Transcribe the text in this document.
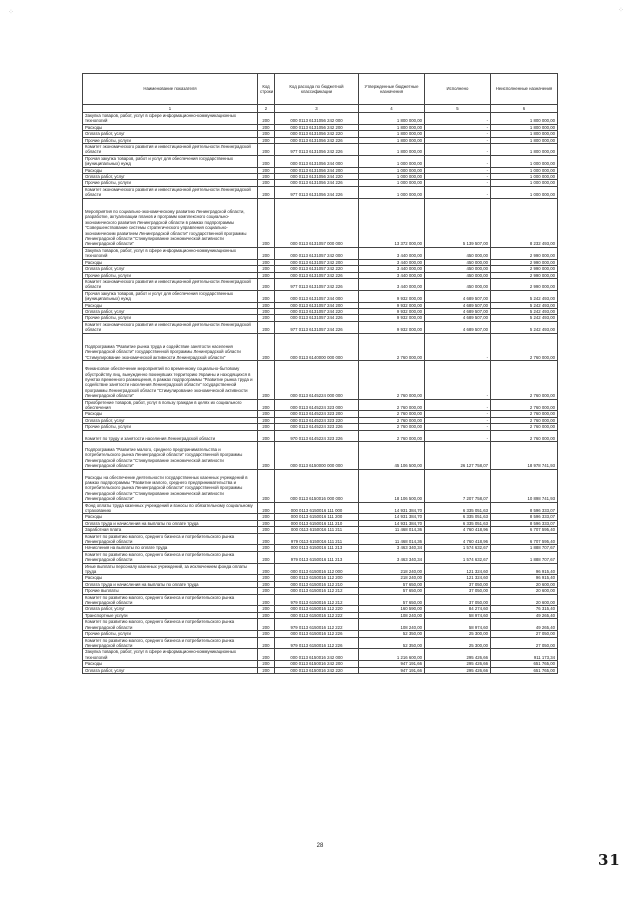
Наименование показателя	Код строки	Код расхода по бюджетной классификации	Утвержденные бюджетные назначения	Исполнено	Неисполненные назначения
1	2	3	4	5	6
Закупка товаров, работ, услуг в сфере информационно-коммуникационных технологий	200	000 0113 6131056 242 000	1 800 000,00	-	1 800 000,00
Расходы	200	000 0113 6131056 242 200	1 800 000,00	-	1 800 000,00
Оплата работ, услуг	200	000 0113 6131056 242 220	1 800 000,00	-	1 800 000,00
Прочие работы, услуги	200	000 0113 6131056 242 226	1 800 000,00	-	1 800 000,00
Комитет экономического развития и инвестиционной деятельности Ленинградской области	200	977 0113 6131056 242 226	1 800 000,00	-	1 800 000,00
Прочая закупка товаров, работ и услуг для обеспечения государственных (муниципальных) нужд	200	000 0113 6131056 244 000	1 000 000,00	-	1 000 000,00
Расходы	200	000 0113 6131056 244 200	1 000 000,00	-	1 000 000,00
Оплата работ, услуг	200	000 0113 6131056 244 220	1 000 000,00	-	1 000 000,00
Прочие работы, услуги	200	000 0113 6131056 244 226	1 000 000,00	-	1 000 000,00
Комитет экономического развития и инвестиционной деятельности Ленинградской области	200	977 0113 6131056 244 226	1 000 000,00	-	1 000 000,00
Мероприятия по социально-экономическому развитию Ленинградской области, разработке, актуализации планов и программ комплексного социально-экономического развития Ленинградской области в рамках подпрограммы "Совершенствование системы стратегического управления социально-экономическим развитием Ленинградской области" государственной программы Ленинградской области "Стимулирование экономической активности Ленинградской области"	200	000 0113 6131057 000 000	13 372 000,00	5 139 507,00	8 232 493,00
Закупка товаров, работ, услуг в сфере информационно-коммуникационных технологий	200	000 0113 6131057 242 000	3 440 000,00	450 000,00	2 990 000,00
Расходы	200	000 0113 6131057 242 200	3 440 000,00	450 000,00	2 990 000,00
Оплата работ, услуг	200	000 0113 6131057 242 220	3 440 000,00	450 000,00	2 990 000,00
Прочие работы, услуги	200	000 0113 6131057 242 226	3 440 000,00	450 000,00	2 990 000,00
Комитет экономического развития и инвестиционной деятельности Ленинградской области	200	977 0113 6131057 242 226	3 440 000,00	450 000,00	2 990 000,00
Прочая закупка товаров, работ и услуг для обеспечения государственных (муниципальных) нужд	200	000 0113 6131057 244 000	9 932 000,00	4 689 507,00	5 242 493,00
Расходы	200	000 0113 6131057 244 200	9 932 000,00	4 689 507,00	5 242 493,00
Оплата работ, услуг	200	000 0113 6131057 244 220	9 932 000,00	4 689 507,00	5 242 493,00
Прочие работы, услуги	200	000 0113 6131057 244 226	9 932 000,00	4 689 507,00	5 242 493,00
Комитет экономического развития и инвестиционной деятельности Ленинградской области	200	977 0113 6131057 244 226	9 932 000,00	4 689 507,00	5 242 493,00
Подпрограмма "Развитие рынка труда и содействие занятости населения Ленинградской области" государственной программы Ленинградской области "Стимулирование экономической активности Ленинградской области"	200	000 0113 6140000 000 000	2 760 000,00	-	2 760 000,00
Финансовое обеспечение мероприятий по временному социально-бытовому обустройству лиц, вынужденно покинувших территорию Украины и находящихся в пунктах временного размещения, в рамках подпрограммы "Развитие рынка труда и содействие занятости населения Ленинградской области" государственной программы Ленинградской области "Стимулирование экономической активности Ленинградской области"	200	000 0113 6145224 000 000	2 760 000,00	-	2 760 000,00
Приобретение товаров, работ, услуг в пользу граждан в целях их социального обеспечения	200	000 0113 6145224 323 000	2 760 000,00	-	2 760 000,00
Расходы	200	000 0113 6145224 323 200	2 760 000,00	-	2 760 000,00
Оплата работ, услуг	200	000 0113 6145224 323 220	2 760 000,00	-	2 760 000,00
Прочие работы, услуги	200	000 0113 6145224 323 226	2 760 000,00	-	2 760 000,00
Комитет по труду и занятости населения Ленинградской области	200	970 0113 6145224 323 226	2 760 000,00	-	2 760 000,00
Подпрограмма "Развитие малого, среднего предпринимательства и потребительского рынка Ленинградской области" государственной программы Ленинградской области "Стимулирование экономической активности Ленинградской области"	200	000 0113 6150000 000 000	45 106 500,00	26 127 758,07	18 978 741,93
Расходы на обеспечение деятельности государственных казенных учреждений в рамках подпрограммы "Развитие малого, среднего предпринимательства и потребительского рынка Ленинградской области" государственной программы Ленинградской области "Стимулирование экономической активности Ленинградской области"	200	000 0113 6150016 000 000	18 106 500,00	7 207 758,07	10 898 741,93
Фонд оплаты труда казенных учреждений и взносы по обязательному социальному страхованию	200	000 0113 6150016 111 000	14 931 384,70	6 335 051,63	8 596 333,07
Расходы	200	000 0113 6150016 111 200	14 931 384,70	6 335 051,63	8 596 333,07
Оплата труда и начисления на выплаты по оплате труда	200	000 0113 6150016 111 210	14 931 384,70	6 335 051,63	8 596 333,07
Заработная плата	200	000 0113 6150016 111 211	11 468 014,36	4 760 418,96	6 707 595,40
Комитет по развитию малого, среднего бизнеса и потребительского рынка Ленинградской области	200	979 0113 6150016 111 211	11 468 014,36	4 760 418,96	6 707 595,40
Начисления на выплаты по оплате труда	200	000 0113 6150016 111 213	3 463 340,34	1 574 632,67	1 888 707,67
Комитет по развитию малого, среднего бизнеса и потребительского рынка Ленинградской области	200	979 0113 6150016 111 213	3 463 340,34	1 574 632,67	1 888 707,67
Иные выплаты персоналу казенных учреждений, за исключением фонда оплаты труда	200	000 0113 6150016 112 000	218 240,00	121 324,60	96 915,40
Расходы	200	000 0113 6150016 112 200	218 240,00	121 324,60	96 915,40
Оплата труда и начисления на выплаты по оплате труда	200	000 0113 6150016 112 210	57 650,00	37 050,00	20 600,00
Прочие выплаты	200	000 0113 6150016 112 212	57 650,00	37 050,00	20 600,00
Комитет по развитию малого, среднего бизнеса и потребительского рынка Ленинградской области	200	979 0113 6150016 112 212	57 650,00	37 050,00	20 600,00
Оплата работ, услуг	200	000 0113 6150016 112 220	160 590,00	84 274,60	76 315,40
Транспортные услуги	200	000 0113 6150016 112 222	108 240,00	58 974,60	49 265,40
Комитет по развитию малого, среднего бизнеса и потребительского рынка Ленинградской области	200	979 0113 6150016 112 222	108 240,00	58 974,60	49 265,40
Прочие работы, услуги	200	000 0113 6150016 112 226	52 350,00	25 300,00	27 050,00
Комитет по развитию малого, среднего бизнеса и потребительского рынка Ленинградской области	200	979 0113 6150016 112 226	52 350,00	25 300,00	27 050,00
Закупка товаров, работ, услуг в сфере информационно-коммуникационных технологий	200	000 0113 6150016 242 000	1 216 600,00	295 426,66	911 173,34
Расходы	200	000 0113 6150016 242 200	947 191,66	295 426,66	651 765,00
Оплата работ, услуг	200	000 0113 6150016 242 220	947 191,66	295 426,66	651 765,00
28
31
⁘	⁘
